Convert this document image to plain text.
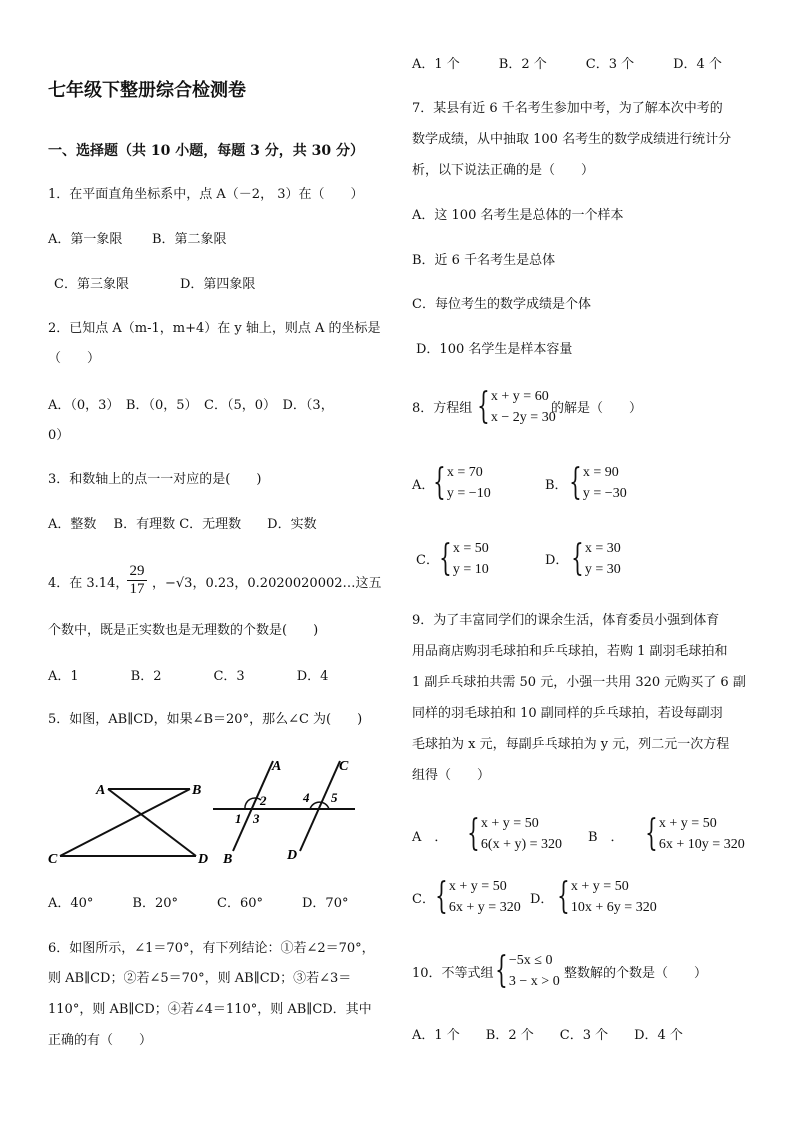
七年级下整册综合检测卷
一、选择题（共 10 小题，每题 3 分，共 30 分）
1．在平面直角坐标系中，点 A（－2， 3）在（　　）
A．第一象限 B．第二象限
C．第三象限	D．第四象限
2．已知点 A（m-1，m+4）在 y 轴上，则点 A 的坐标是
（　　）
A．（0，3）　B．（0，5）　C．（5，0）　D．（3，
0）
3．和数轴上的点一一对应的是(　　)
A．整数　 B．有理数 C．无理数　　D．实数
4．在 3.14，
29
17 ，−√3，0.23，0.2020020002…这五
个数中，既是正实数也是无理数的个数是(　　)
A．1　　　　B．2　　　　C．3　　　　D．4
5．如图，AB∥CD，如果∠B＝20°，那么∠C 为(　　)
A	B
C	D
A
B
C
D
2
1 3
4 5
A．40°　　　B．20°　　　C．60°　　　D．70°
6．如图所示，∠1＝70°，有下列结论：①若∠2＝70°，
则 AB∥CD；②若∠5＝70°，则 AB∥CD；③若∠3＝
110°，则 AB∥CD；④若∠4＝110°，则 AB∥CD．其中
正确的有（　　）
A．1 个　　　B．2 个　　　C．3 个　　　D．4 个
7．某县有近 6 千名考生参加中考，为了解本次中考的
数学成绩，从中抽取 100 名考生的数学成绩进行统计分
析，以下说法正确的是（　　）
A．这 100 名考生是总体的一个样本
B．近 6 千名考生是总体
C．每位考生的数学成绩是个体
D．100 名学生是样本容量
8．方程组 { x + y = 60
x − 2y = 30
的解是（　　）
A．
{ x = 70
y = −10
B． { x = 90
y = −30
C． { x = 50
y = 10
D． { x = 30
y = 30
9．为了丰富同学们的课余生活，体育委员小强到体育
用品商店购羽毛球拍和乒乓球拍，若购 1 副羽毛球拍和
1 副乒乓球拍共需 50 元，小强一共用 320 元购买了 6 副
同样的羽毛球拍和 10 副同样的乒乓球拍，若设每副羽
毛球拍为 x 元，每副乒乓球拍为 y 元，列二元一次方程
组得（　　）
A　． { x + y = 50
6(x + y) = 320 B　． { x + y = 50
6x + 10y = 320
C． { x + y = 50
6x + y = 320
D． { x + y = 50
10x + 6y = 320
10．不等式组 { −5x ≤ 0
3 − x > 0
整数解的个数是（　　）
A．1 个　　B．2 个　　C．3 个　　D．4 个
